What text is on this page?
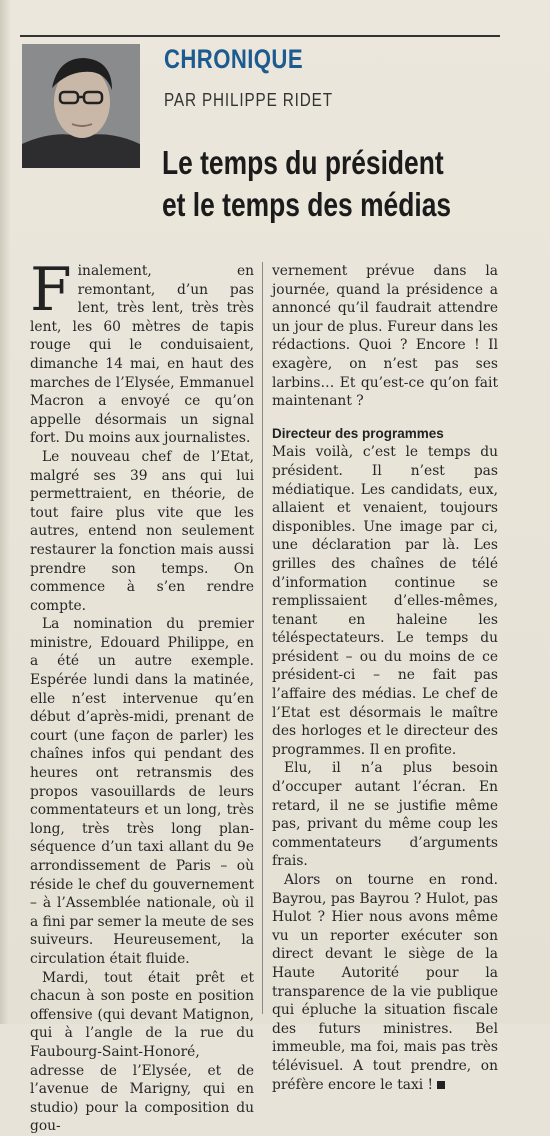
CHRONIQUE
PAR PHILIPPE RIDET
Le temps du président
et le temps des médias

Finalement, en remontant, d’un pas lent, très lent, très très lent, les 60 mètres de tapis rouge qui le conduisaient, dimanche 14 mai, en haut des marches de l’Elysée, Emmanuel Macron a envoyé ce qu’on appelle désormais un signal fort. Du moins aux journalistes.

Le nouveau chef de l’Etat, malgré ses 39 ans qui lui permettraient, en théorie, de tout faire plus vite que les autres, entend non seulement restaurer la fonction mais aussi prendre son temps. On commence à s’en rendre compte.

La nomination du premier ministre, Edouard Philippe, en a été un autre exemple. Espérée lundi dans la matinée, elle n’est intervenue qu’en début d’après-midi, prenant de court (une façon de parler) les chaînes infos qui pendant des heures ont retransmis des propos vasouillards de leurs commentateurs et un long, très long, très très long plan-séquence d’un taxi allant du 9e arrondissement de Paris – où réside le chef du gouvernement – à l’Assemblée nationale, où il a fini par semer la meute de ses suiveurs. Heureusement, la circulation était fluide.

Mardi, tout était prêt et chacun à son poste en position offensive (qui devant Matignon, qui à l’angle de la rue du Faubourg-Saint-Honoré, adresse de l’Elysée, et de l’avenue de Marigny, qui en studio) pour la composition du gou-

vernement prévue dans la journée, quand la présidence a annoncé qu’il faudrait attendre un jour de plus. Fureur dans les rédactions. Quoi ? Encore ! Il exagère, on n’est pas ses larbins… Et qu’est-ce qu’on fait maintenant ?

Directeur des programmes

Mais voilà, c’est le temps du président. Il n’est pas médiatique. Les candidats, eux, allaient et venaient, toujours disponibles. Une image par ci, une déclaration par là. Les grilles des chaînes de télé d’information continue se remplissaient d’elles-mêmes, tenant en haleine les téléspectateurs. Le temps du président – ou du moins de ce président-ci – ne fait pas l’affaire des médias. Le chef de l’Etat est désormais le maître des horloges et le directeur des programmes. Il en profite.

Elu, il n’a plus besoin d’occuper autant l’écran. En retard, il ne se justifie même pas, privant du même coup les commentateurs d’arguments frais.

Alors on tourne en rond. Bayrou, pas Bayrou ? Hulot, pas Hulot ? Hier nous avons même vu un reporter exécuter son direct devant le siège de la Haute Autorité pour la transparence de la vie publique qui épluche la situation fiscale des futurs ministres. Bel immeuble, ma foi, mais pas très télévisuel. A tout prendre, on préfère encore le taxi !
